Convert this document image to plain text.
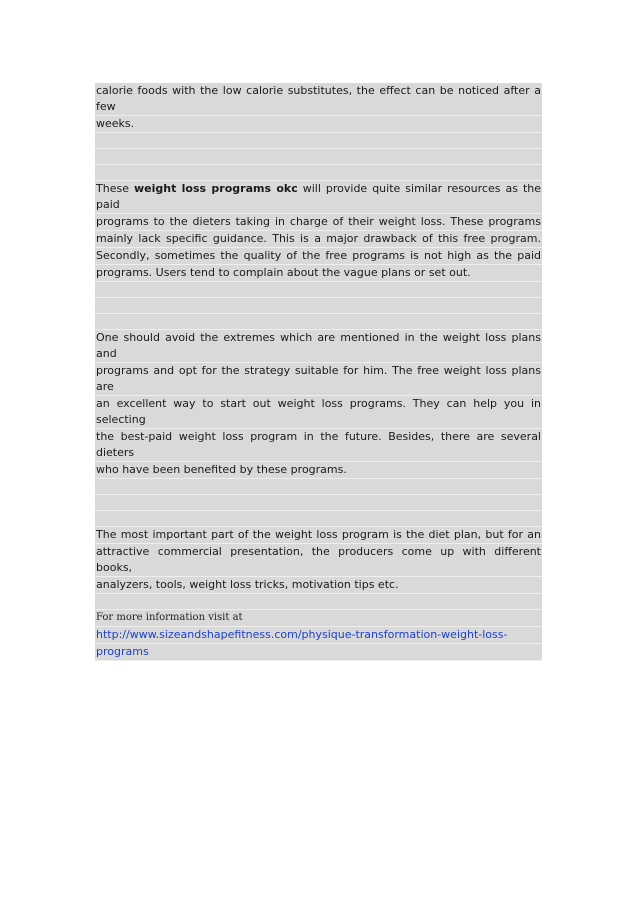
calorie foods with the low calorie substitutes, the effect can be noticed after a few
weeks.
These weight loss programs okc will provide quite similar resources as the paid
programs to the dieters taking in charge of their weight loss. These programs
mainly lack specific guidance. This is a major drawback of this free program.
Secondly, sometimes the quality of the free programs is not high as the paid
programs. Users tend to complain about the vague plans or set out.
One should avoid the extremes which are mentioned in the weight loss plans and
programs and opt for the strategy suitable for him. The free weight loss plans are
an excellent way to start out weight loss programs. They can help you in selecting
the best-paid weight loss program in the future. Besides, there are several dieters
who have been benefited by these programs.
The most important part of the weight loss program is the diet plan, but for an
attractive commercial presentation, the producers come up with different books,
analyzers, tools, weight loss tricks, motivation tips etc.
For more information visit at
http://www.sizeandshapefitness.com/physique-transformation-weight-loss-
programs
